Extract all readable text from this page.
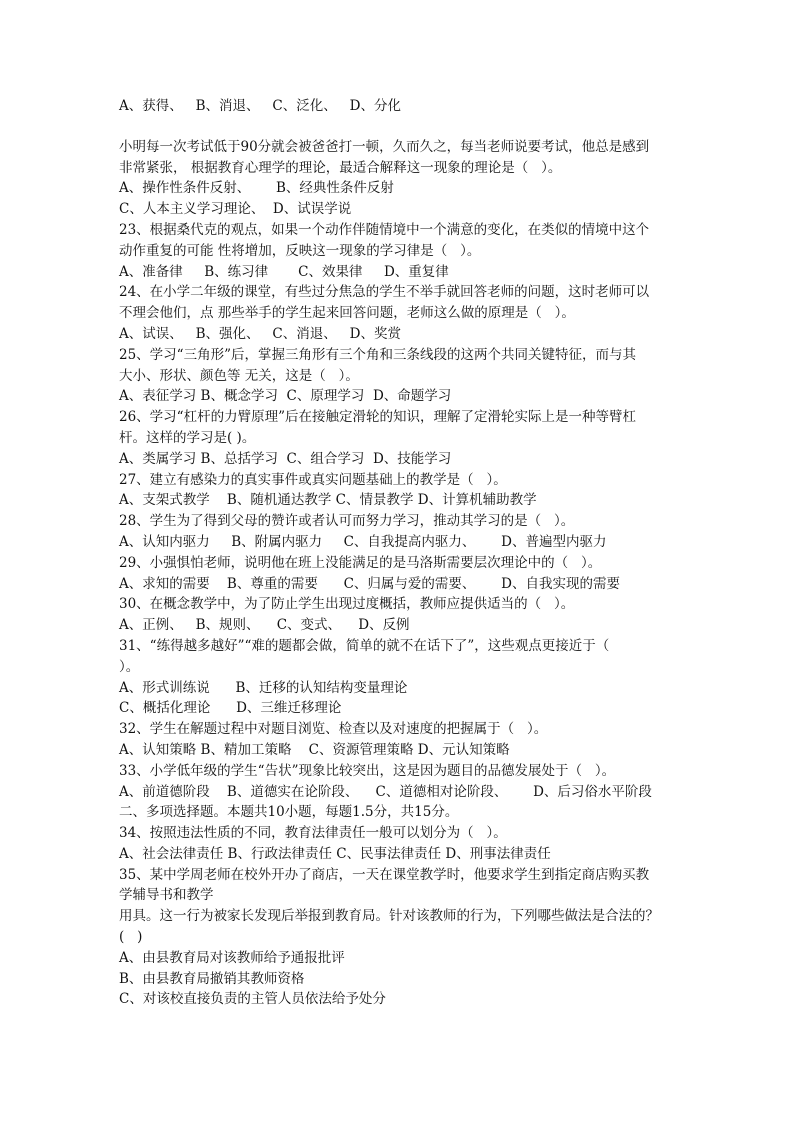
A、获得、   B、消退、   C、泛化、   D、分化
小明每一次考试低于90分就会被爸爸打一顿，久而久之，每当老师说要考试，他总是感到
非常紧张， 根据教育心理学的理论，最适合解释这一现象的理论是（   ）。
A、操作性条件反射、      B、经典性条件反射
C、人本主义学习理论、  D、试误学说
23、根据桑代克的观点，如果一个动作伴随情境中一个满意的变化，在类似的情境中这个
动作重复的可能 性将增加，反映这一现象的学习律是（   ）。
A、准备律     B、练习律       C、效果律     D、重复律
24、在小学二年级的课堂，有些过分焦急的学生不举手就回答老师的问题，这时老师可以
不理会他们，点 那些举手的学生起来回答问题，老师这么做的原理是（   ）。
A、试误、   B、强化、   C、消退、   D、奖赏
25、学习“三角形”后，掌握三角形有三个角和三条线段的这两个共同关键特征，而与其
大小、形状、颜色等 无关，这是（   ）。
A、表征学习 B、概念学习  C、原理学习  D、命题学习
26、学习“杠杆的力臂原理”后在接触定滑轮的知识，理解了定滑轮实际上是一种等臂杠
杆。这样的学习是( )。
A、类属学习 B、总括学习  C、组合学习  D、技能学习
27、建立有感染力的真实事件或真实问题基础上的教学是（   ）。
A、支架式教学    B、随机通达教学 C、情景教学 D、计算机辅助教学
28、学生为了得到父母的赞许或者认可而努力学习，推动其学习的是（   ）。
A、认知内驱力     B、附属内驱力     C、自我提高内驱力、      D、普遍型内驱力
29、小强惧怕老师，说明他在班上没能满足的是马洛斯需要层次理论中的（   ）。
A、求知的需要    B、尊重的需要      C、归属与爱的需要、      D、自我实现的需要
30、在概念教学中，为了防止学生出现过度概括，教师应提供适当的（   ）。
A、正例、   B、规则、    C、变式、    D、反例
31、“练得越多越好”“难的题都会做，简单的就不在话下了”，这些观点更接近于（
）。
A、形式训练说      B、迁移的认知结构变量理论
C、概括化理论      D、三维迁移理论
32、学生在解题过程中对题目浏览、检查以及对速度的把握属于（   ）。
A、认知策略 B、精加工策略    C、资源管理策略 D、元认知策略
33、小学低年级的学生“告状”现象比较突出，这是因为题目的品德发展处于（   ）。
A、前道德阶段    B、道德实在论阶段、    C、道德相对论阶段、      D、后习俗水平阶段
二、多项选择题。本题共10小题，每题1.5分，共15分。
34、按照违法性质的不同，教育法律责任一般可以划分为（   ）。
A、社会法律责任 B、行政法律责任 C、民事法律责任 D、刑事法律责任
35、某中学周老师在校外开办了商店，一天在课堂教学时，他要求学生到指定商店购买教
学辅导书和教学
用具。这一行为被家长发现后举报到教育局。针对该教师的行为，下列哪些做法是合法的？
(   )
A、由县教育局对该教师给予通报批评
B、由县教育局撤销其教师资格
C、对该校直接负责的主管人员依法给予处分
